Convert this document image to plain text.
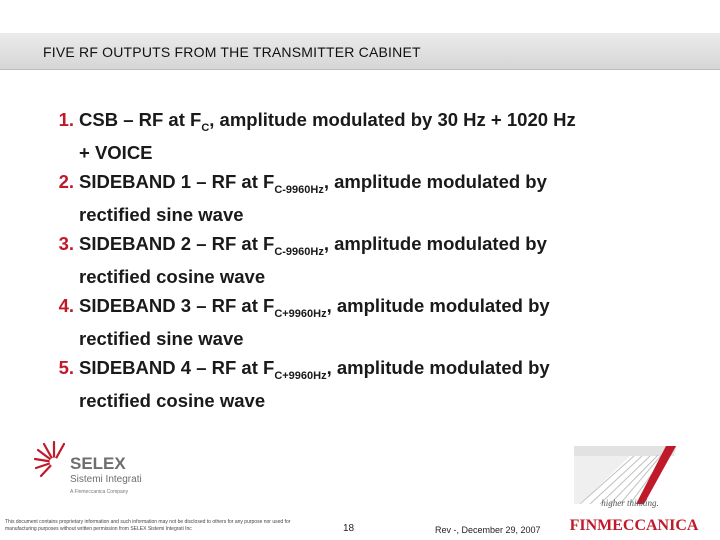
FIVE RF OUTPUTS FROM THE TRANSMITTER CABINET
1. CSB – RF at $F_C$, amplitude modulated by 30 Hz + 1020 Hz
+ VOICE
2. SIDEBAND 1 – RF at $F_{C-9960Hz}$, amplitude modulated by
rectified sine wave
3. SIDEBAND 2 – RF at $F_{C-9960Hz}$, amplitude modulated by
rectified cosine wave
4. SIDEBAND 3 – RF at $F_{C+9960Hz}$, amplitude modulated by
rectified sine wave
5. SIDEBAND 4 – RF at $F_{C+9960Hz}$, amplitude modulated by
rectified cosine wave
SELEX
Sistemi Integrati
A Finmeccanica Company
higher thinking.
FINMECCANICA
This document contains proprietary information and such information may not be disclosed to others for any purpose nor used for manufacturing purposes without written permission from SELEX Sistemi Integrati Inc	18	Rev -, December 29, 2007
